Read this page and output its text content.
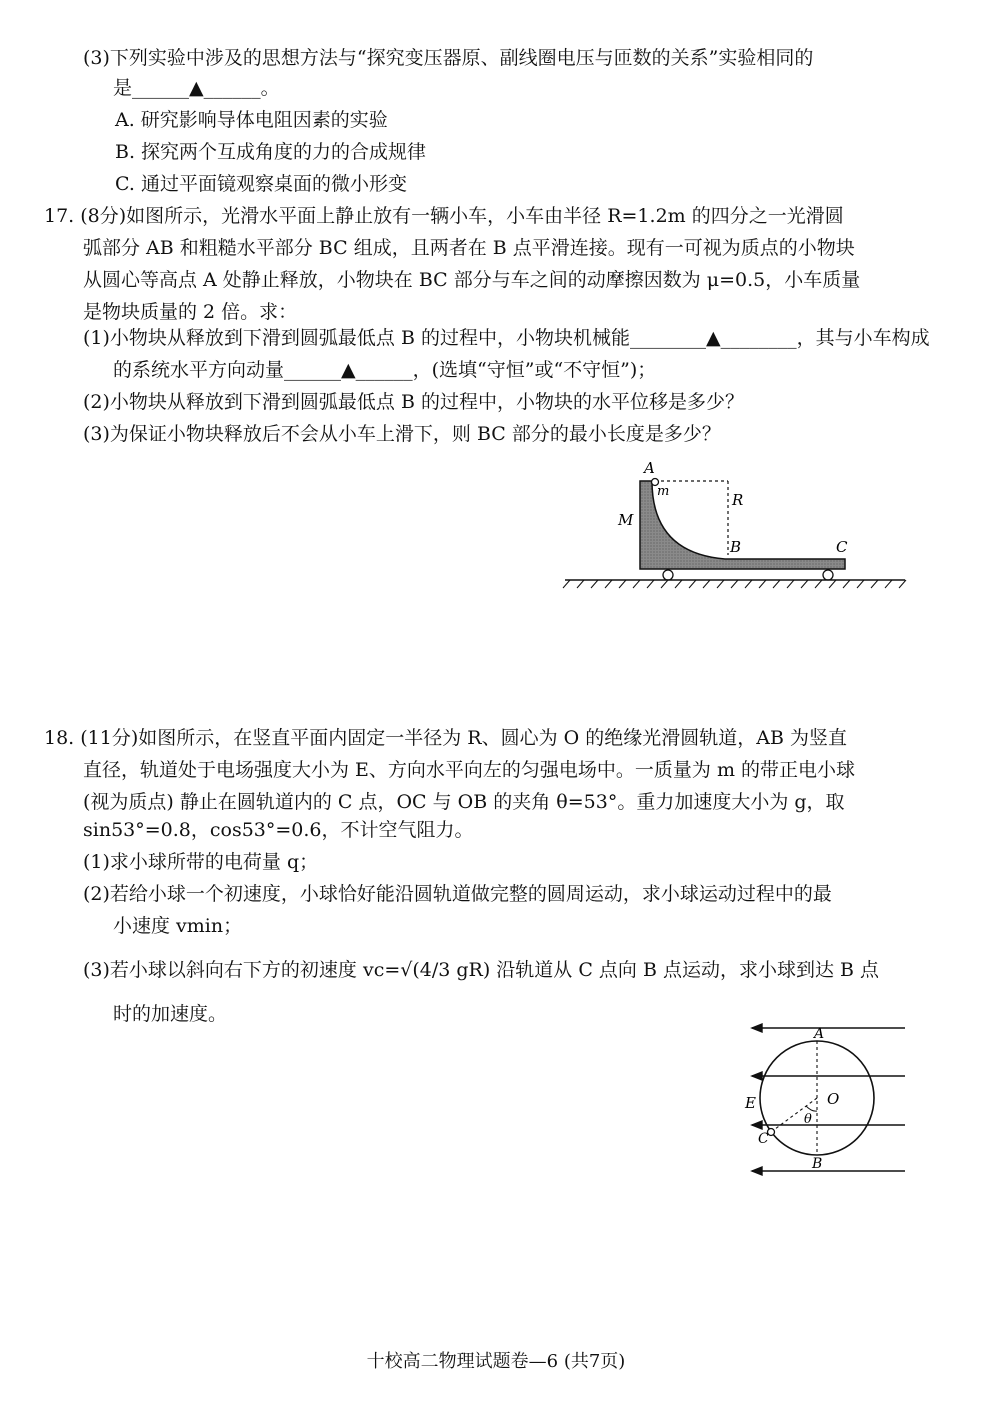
(3)下列实验中涉及的思想方法与“探究变压器原、副线圈电压与匝数的关系”实验相同的
是______▲______。
A. 研究影响导体电阻因素的实验
B. 探究两个互成角度的力的合成规律
C. 通过平面镜观察桌面的微小形变
17. (8分)如图所示，光滑水平面上静止放有一辆小车，小车由半径 R=1.2m 的四分之一光滑圆
弧部分 AB 和粗糙水平部分 BC 组成，且两者在 B 点平滑连接。现有一可视为质点的小物块
从圆心等高点 A 处静止释放，小物块在 BC 部分与车之间的动摩擦因数为 μ=0.5，小车质量
是物块质量的 2 倍。求：
(1)小物块从释放到下滑到圆弧最低点 B 的过程中，小物块机械能________▲________，其与小车构成
的系统水平方向动量______▲______，(选填“守恒”或“不守恒”)；
(2)小物块从释放到下滑到圆弧最低点 B 的过程中，小物块的水平位移是多少？
(3)为保证小物块释放后不会从小车上滑下，则 BC 部分的最小长度是多少？
A
m	R
M
B	C
18. (11分)如图所示，在竖直平面内固定一半径为 R、圆心为 O 的绝缘光滑圆轨道，AB 为竖直
直径，轨道处于电场强度大小为 E、方向水平向左的匀强电场中。一质量为 m 的带正电小球
(视为质点) 静止在圆轨道内的 C 点，OC 与 OB 的夹角 θ=53°。重力加速度大小为 g，取
sin53°=0.8，cos53°=0.6，不计空气阻力。
(1)求小球所带的电荷量 q；
(2)若给小球一个初速度，小球恰好能沿圆轨道做完整的圆周运动，求小球运动过程中的最
小速度 vmin；
(3)若小球以斜向右下方的初速度 vc=√(4/3 gR) 沿轨道从 C 点向 B 点运动，求小球到达 B 点
时的加速度。
A
O
E
θ
C
B
十校高二物理试题卷—6 (共7页)
